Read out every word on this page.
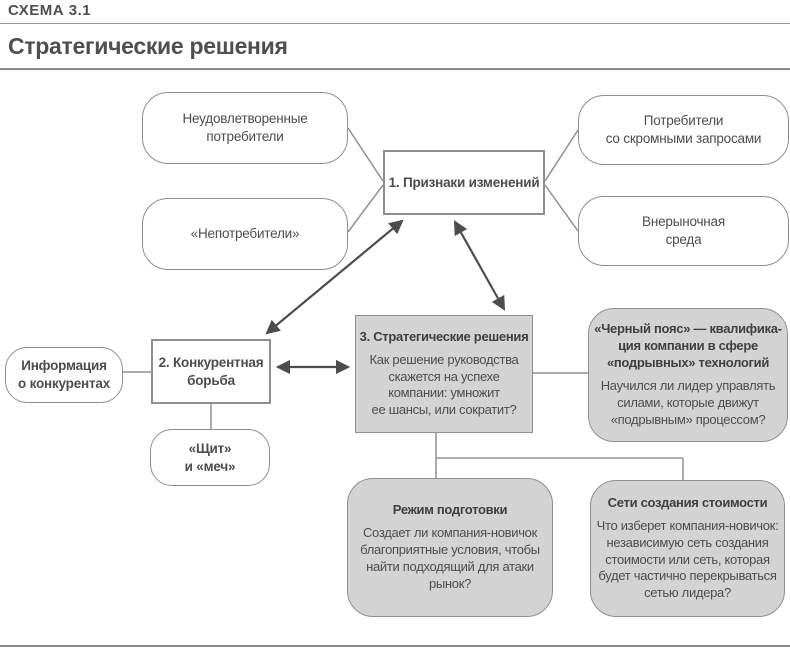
СХЕМА 3.1
Стратегические решения
Неудовлетворенные
потребители
«Непотребители»
Потребители
со скромными запросами
Внерыночная
среда
1. Признаки изменений
2. Конкурентная
борьба
Информация
о конкурентах
«Щит»
и «меч»
3. Стратегические решения
Как решение руководства
скажется на успехе
компании: умножит
ее шансы, или сократит?
«Черный пояс» — квалифика-
ция компании в сфере
«подрывных» технологий
Научился ли лидер управлять
силами, которые движут
«подрывным» процессом?
Режим подготовки
Создает ли компания-новичок
благоприятные условия, чтобы
найти подходящий для атаки
рынок?
Сети создания стоимости
Что изберет компания-новичок:
независимую сеть создания
стоимости или сеть, которая
будет частично перекрываться
сетью лидера?
